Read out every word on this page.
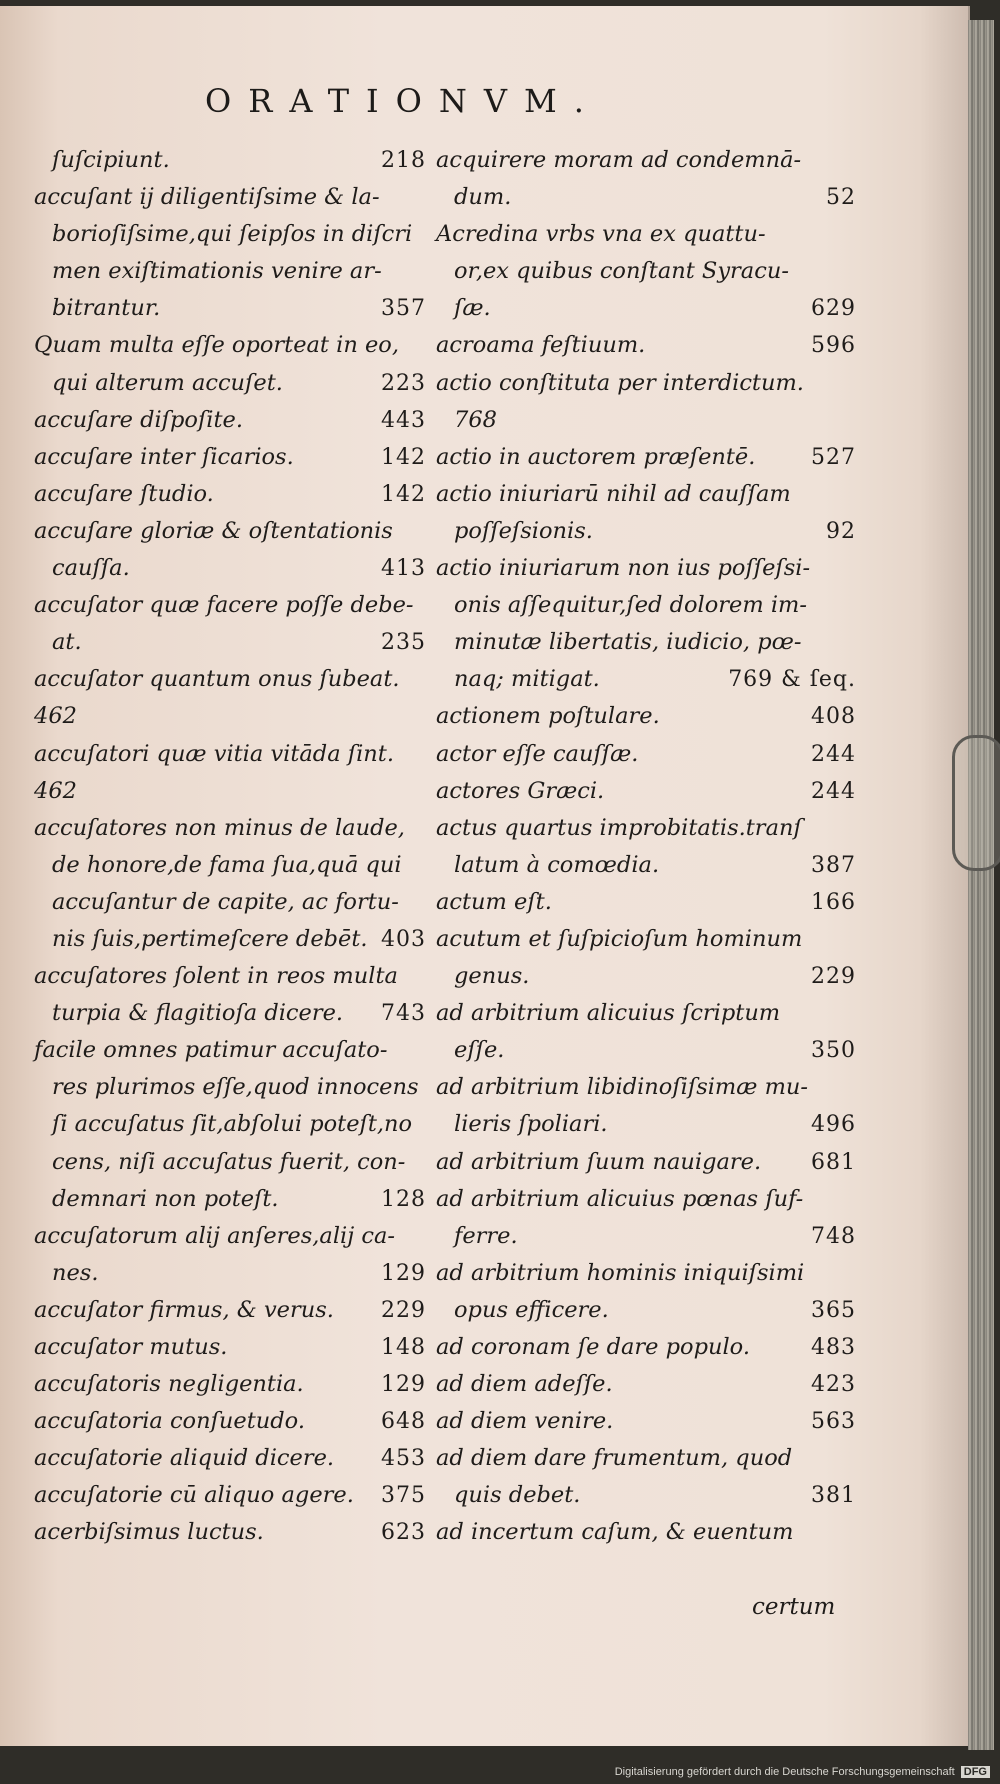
ORATIONVM.
ſuſcipiunt.	218
accuſant ij diligentiſsime & la-
borioſiſsime,qui ſeipſos in diſcri
men exiſtimationis venire ar-
bitrantur.	357
Quam multa eſſe oporteat in eo,
qui alterum accuſet.	223
accuſare diſpoſite.	443
accuſare inter ſicarios.	142
accuſare ſtudio.	142
accuſare gloriæ & oſtentationis
cauſſa.	413
accuſator quæ facere poſſe debe-
at.	235
accuſator quantum onus ſubeat.
462
accuſatori quæ vitia vitāda ſint.
462
accuſatores non minus de laude,
de honore,de fama ſua,quā qui
accuſantur de capite, ac fortu-
nis ſuis,pertimeſcere debēt. 403
accuſatores ſolent in reos multa
turpia & flagitioſa dicere. 743
facile omnes patimur accuſato-
res plurimos eſſe,quod innocens
ſi accuſatus ſit,abſolui poteſt,no
cens, niſi accuſatus fuerit, con-
demnari non poteſt.	128
accuſatorum alij anſeres,alij ca-
nes.	129
accuſator firmus, & verus. 229
accuſator mutus.	148
accuſatoris negligentia.	129
accuſatoria conſuetudo.	648
accuſatorie aliquid dicere. 453
accuſatorie cū aliquo agere. 375
acerbiſsimus luctus.	623
acquirere moram ad condemnā-
dum.	52
Acredina vrbs vna ex quattu-
or,ex quibus conſtant Syracu-
ſæ.	629
acroama feſtiuum.	596
actio conſtituta per interdictum.
768
actio in auctorem præſentē.	527
actio iniuriarū nihil ad cauſſam
poſſeſsionis.	92
actio iniuriarum non ius poſſeſsi-
onis aſſequitur,ſed dolorem im-
minutæ libertatis, iudicio, pœ-
naq; mitigat.	769 & ſeq.
actionem poſtulare.	408
actor eſſe cauſſæ.	244
actores Græci.	244
actus quartus improbitatis.tranſ
latum à comœdia.	387
actum eſt.	166
acutum et ſuſpicioſum hominum
genus.	229
ad arbitrium alicuius ſcriptum
eſſe.	350
ad arbitrium libidinoſiſsimæ mu-
lieris ſpoliari.	496
ad arbitrium ſuum nauigare. 681
ad arbitrium alicuius pœnas ſuf-
ferre.	748
ad arbitrium hominis iniquiſsimi
opus efficere.	365
ad coronam ſe dare populo.	483
ad diem adeſſe.	423
ad diem venire.	563
ad diem dare frumentum, quod
quis debet.	381
ad incertum caſum, & euentum
certum
Digitalisierung gefördert durch die Deutsche Forschungsgemeinschaft DFG
